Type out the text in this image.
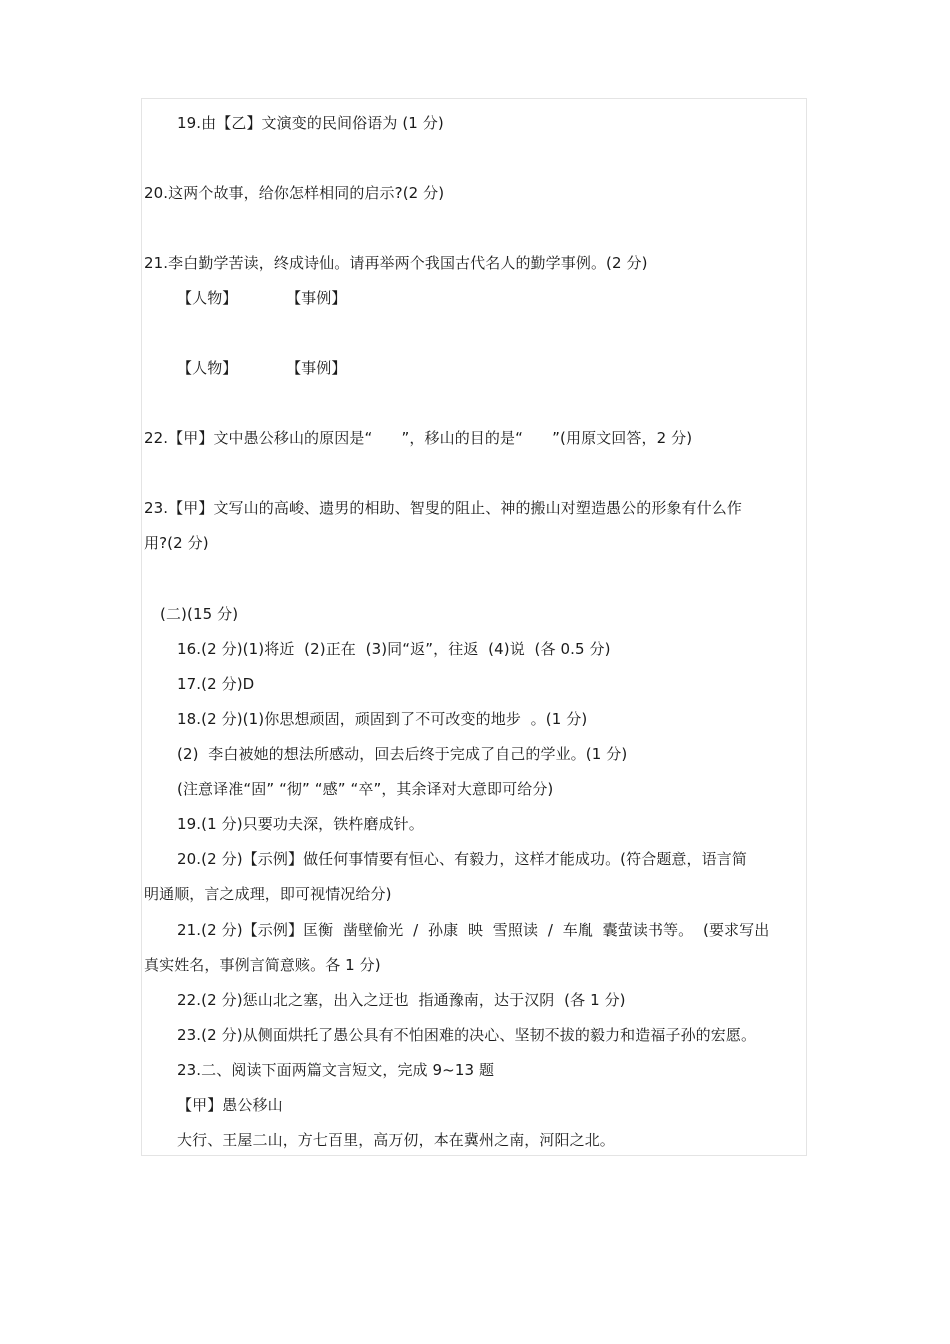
19.由【乙】文演变的民间俗语为 (1 分)
20.这两个故事，给你怎样相同的启示?(2 分)
21.李白勤学苦读，终成诗仙。请再举两个我国古代名人的勤学事例。(2 分)
【人物】          【事例】
【人物】          【事例】
22.【甲】文中愚公移山的原因是“      ”，移山的目的是“      ”(用原文回答，2 分)
23.【甲】文写山的高峻、遗男的相助、智叟的阻止、神的搬山对塑造愚公的形象有什么作
用?(2 分)
(二)(15 分)
16.(2 分)(1)将近  (2)正在  (3)同“返”，往返  (4)说  (各 0.5 分)
17.(2 分)D
18.(2 分)(1)你思想顽固，顽固到了不可改变的地步  。(1 分)
(2)  李白被她的想法所感动，回去后终于完成了自己的学业。(1 分)
(注意译准“固” “彻” “感” “卒”，其余译对大意即可给分)
19.(1 分)只要功夫深，铁杵磨成针。
20.(2 分)【示例】做任何事情要有恒心、有毅力，这样才能成功。(符合题意，语言简
明通顺，言之成理，即可视情况给分)
21.(2 分)【示例】匡衡  凿壁偷光  /  孙康  映  雪照读  /  车胤  囊萤读书等。  (要求写出
真实姓名，事例言简意赅。各 1 分)
22.(2 分)惩山北之塞，出入之迂也  指通豫南，达于汉阴  (各 1 分)
23.(2 分)从侧面烘托了愚公具有不怕困难的决心、坚韧不拔的毅力和造福子孙的宏愿。
23.二、阅读下面两篇文言短文，完成 9~13 题
【甲】愚公移山
大行、王屋二山，方七百里，高万仞，本在冀州之南，河阳之北。
